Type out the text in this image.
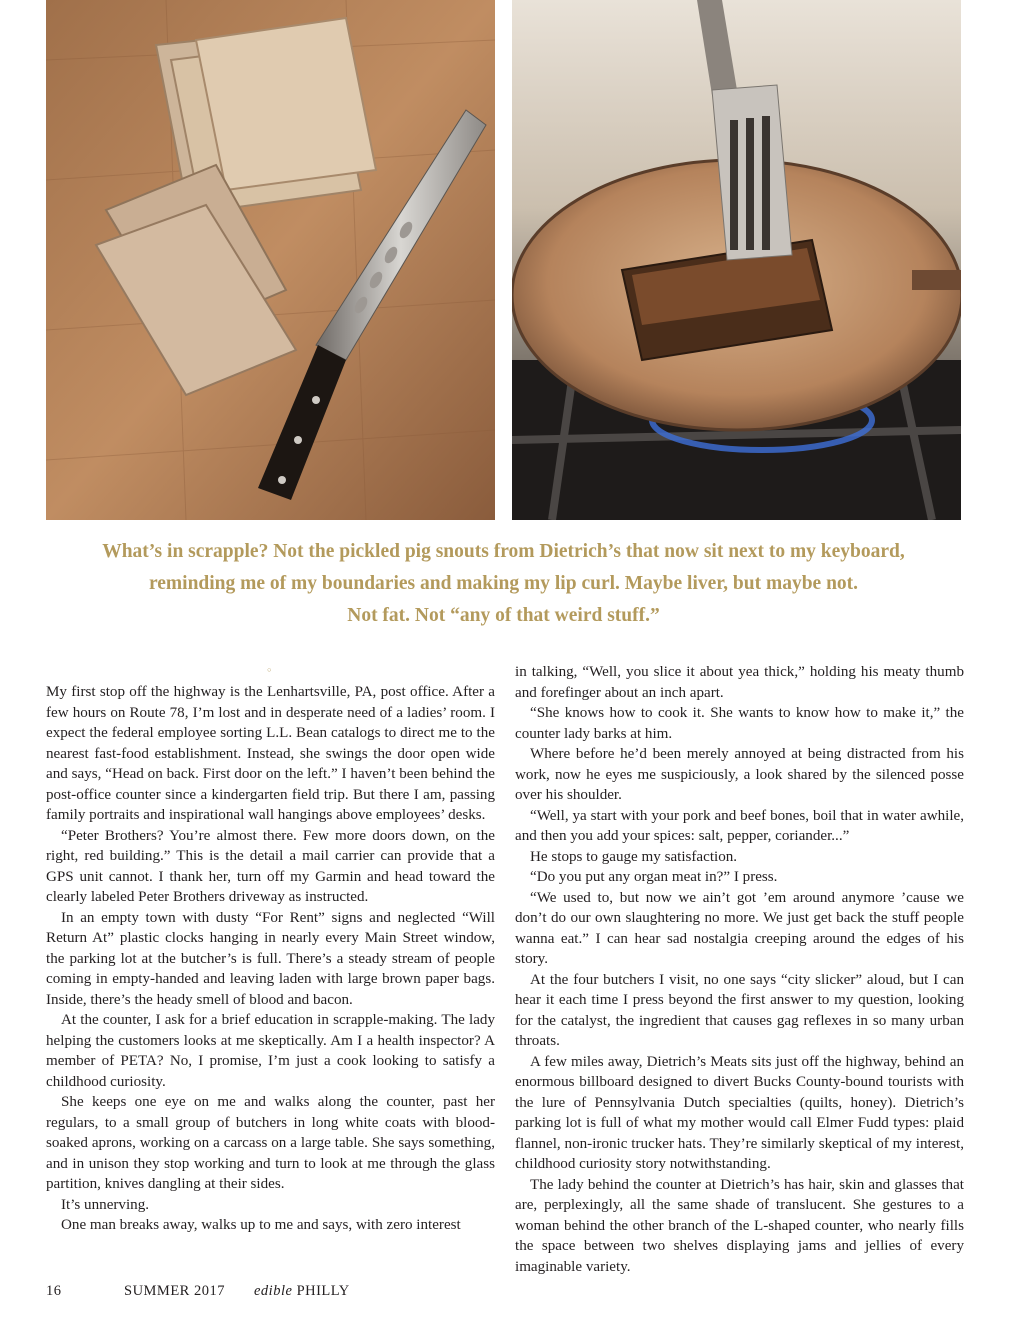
What’s in scrapple? Not the pickled pig snouts from Dietrich’s that now sit next to my keyboard,
reminding me of my boundaries and making my lip curl. Maybe liver, but maybe not.
Not fat. Not “any of that weird stuff.”
◦

My first stop off the highway is the Lenhartsville, PA, post office. After a few hours on Route 78, I’m lost and in desperate need of a ladies’ room. I expect the federal employee sorting L.L. Bean catalogs to direct me to the nearest fast-food establishment. Instead, she swings the door open wide and says, “Head on back. First door on the left.” I haven’t been behind the post-office counter since a kindergarten field trip. But there I am, passing family portraits and inspirational wall hangings above employees’ desks.

“Peter Brothers? You’re almost there. Few more doors down, on the right, red building.” This is the detail a mail carrier can provide that a GPS unit cannot. I thank her, turn off my Garmin and head toward the clearly labeled Peter Brothers driveway as instructed.

In an empty town with dusty “For Rent” signs and neglected “Will Return At” plastic clocks hanging in nearly every Main Street window, the parking lot at the butcher’s is full. There’s a steady stream of people coming in empty-handed and leaving laden with large brown paper bags. Inside, there’s the heady smell of blood and bacon.

At the counter, I ask for a brief education in scrapple-making. The lady helping the customers looks at me skeptically. Am I a health inspector? A member of PETA? No, I promise, I’m just a cook looking to satisfy a childhood curiosity.

She keeps one eye on me and walks along the counter, past her regulars, to a small group of butchers in long white coats with blood-soaked aprons, working on a carcass on a large table. She says something, and in unison they stop working and turn to look at me through the glass partition, knives dangling at their sides.

It’s unnerving.

One man breaks away, walks up to me and says, with zero interest

in talking, “Well, you slice it about yea thick,” holding his meaty thumb and forefinger about an inch apart.

“She knows how to cook it. She wants to know how to make it,” the counter lady barks at him.

Where before he’d been merely annoyed at being distracted from his work, now he eyes me suspiciously, a look shared by the silenced posse over his shoulder.

“Well, ya start with your pork and beef bones, boil that in water awhile, and then you add your spices: salt, pepper, coriander...”

He stops to gauge my satisfaction.

“Do you put any organ meat in?” I press.

“We used to, but now we ain’t got ’em around anymore ’cause we don’t do our own slaughtering no more. We just get back the stuff people wanna eat.” I can hear sad nostalgia creeping around the edges of his story.

At the four butchers I visit, no one says “city slicker” aloud, but I can hear it each time I press beyond the first answer to my question, looking for the catalyst, the ingredient that causes gag reflexes in so many urban throats.

A few miles away, Dietrich’s Meats sits just off the highway, behind an enormous billboard designed to divert Bucks County-bound tourists with the lure of Pennsylvania Dutch specialties (quilts, honey). Dietrich’s parking lot is full of what my mother would call Elmer Fudd types: plaid flannel, non-ironic trucker hats. They’re similarly skeptical of my interest, childhood curiosity story notwithstanding.

The lady behind the counter at Dietrich’s has hair, skin and glasses that are, perplexingly, all the same shade of translucent. She gestures to a woman behind the other branch of the L-shaped counter, who nearly fills the space between two shelves displaying jams and jellies of every imaginable variety.

16	SUMMER 2017 edible PHILLY
